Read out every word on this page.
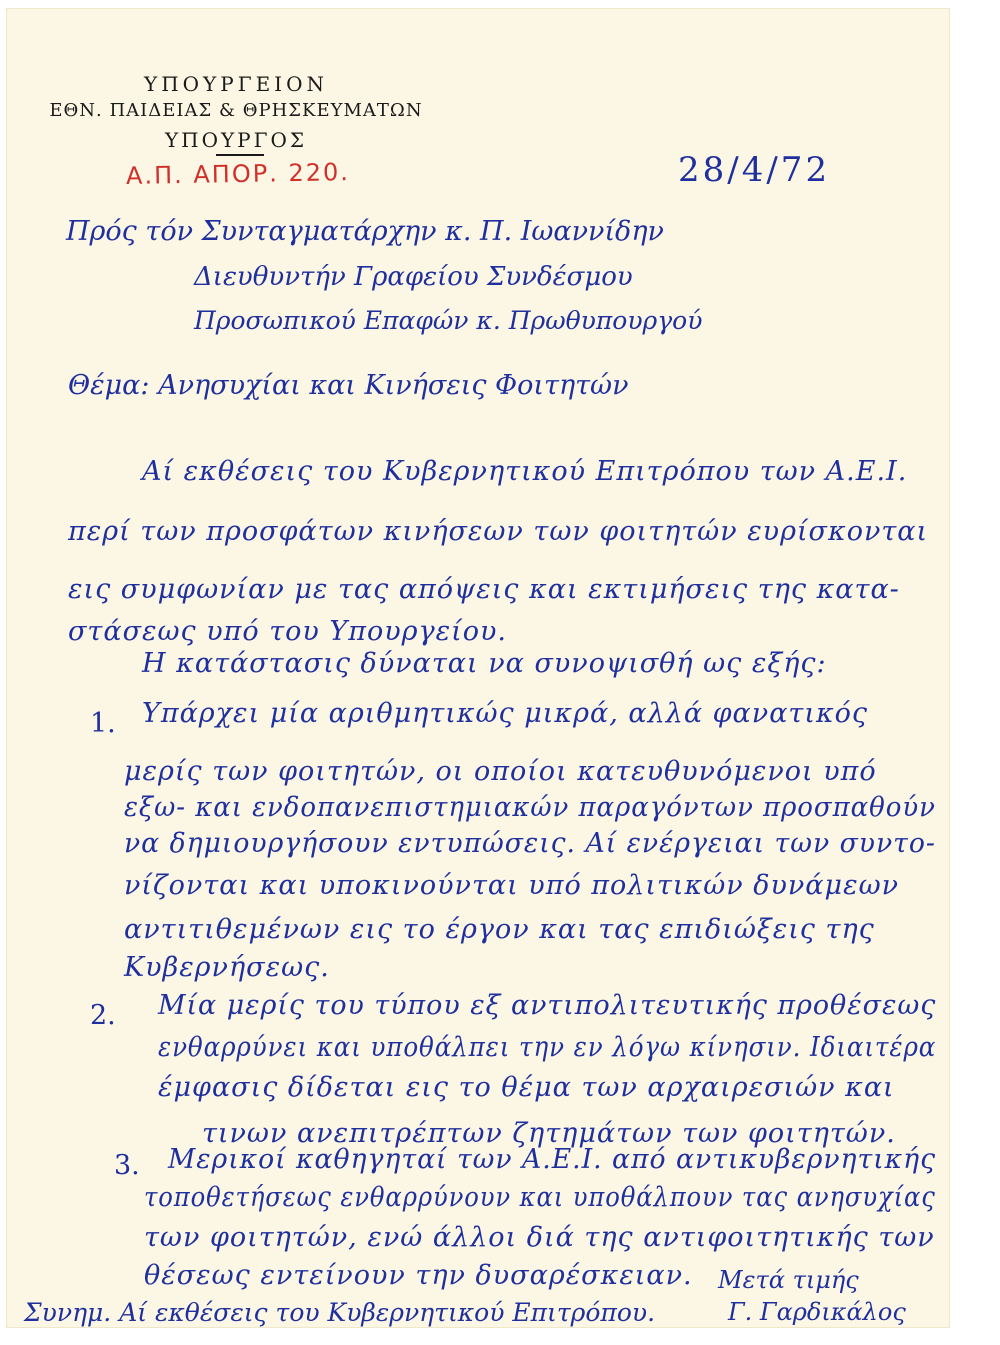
ΥΠΟΥΡΓΕΙΟΝ
ΕΘΝ. ΠΑΙΔΕΙΑΣ & ΘΡΗΣΚΕΥΜΑΤΩΝ
ΥΠΟΥΡΓΟΣ
Α.Π. ΑΠΟΡ. 220.	28/4/72
Πρός τόν Συνταγματάρχην κ. Π. Ιωαννίδην
Διευθυντήν Γραφείου Συνδέσμου
Προσωπικού Επαφών κ. Πρωθυπουργού
Θέμα: Ανησυχίαι και Κινήσεις Φοιτητών
Αί εκθέσεις του Κυβερνητικού Επιτρόπου των Α.Ε.Ι.
περί των προσφάτων κινήσεων των φοιτητών ευρίσκονται
εις συμφωνίαν με τας απόψεις και εκτιμήσεις της κατα-
στάσεως υπό του Υπουργείου.
Η κατάστασις δύναται να συνοψισθή ως εξής:
1. Υπάρχει μία αριθμητικώς μικρά, αλλά φανατικός
μερίς των φοιτητών, οι οποίοι κατευθυνόμενοι υπό
εξω- και ενδοπανεπιστημιακών παραγόντων προσπαθούν
να δημιουργήσουν εντυπώσεις. Αί ενέργειαι των συντο-
νίζονται και υποκινούνται υπό πολιτικών δυνάμεων
αντιτιθεμένων εις το έργον και τας επιδιώξεις της
Κυβερνήσεως.
2. Μία μερίς του τύπου εξ αντιπολιτευτικής προθέσεως
ενθαρρύνει και υποθάλπει την εν λόγω κίνησιν. Ιδιαιτέρα
έμφασις δίδεται εις το θέμα των αρχαιρεσιών και
τινων ανεπιτρέπτων ζητημάτων των φοιτητών.
3. Μερικοί καθηγηταί των Α.Ε.Ι. από αντικυβερνητικής
τοποθετήσεως ενθαρρύνουν και υποθάλπουν τας ανησυχίας
των φοιτητών, ενώ άλλοι διά της αντιφοιτητικής των
θέσεως εντείνουν την δυσαρέσκειαν. Μετά τιμής
Γ. Γαρδικάλος
Συνημ. Αί εκθέσεις του Κυβερνητικού Επιτρόπου.
